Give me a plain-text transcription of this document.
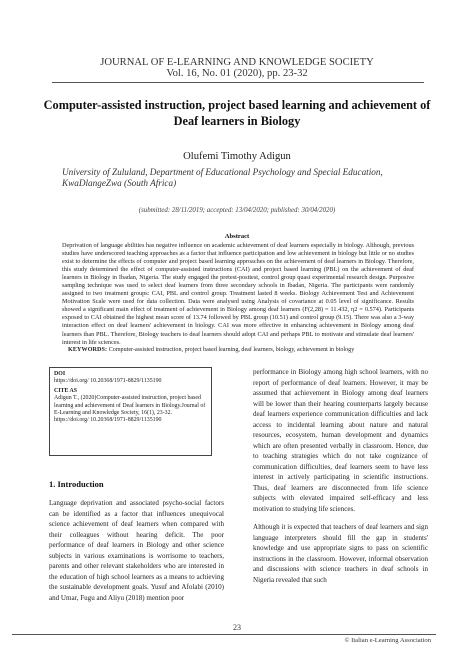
JOURNAL OF E-LEARNING AND KNOWLEDGE SOCIETY
Vol. 16, No. 01 (2020), pp. 23-32
Computer-assisted instruction, project based learning and achievement of Deaf learners in Biology
Olufemi Timothy Adigun
University of Zululand, Department of Educational Psychology and Special Education, KwaDlangeZwa (South Africa)
(submitted: 28/11/2019; accepted: 13/04/2020; published: 30/04/2020)
Abstract
Deprivation of language abilities has negative influence on academic achievement of deaf learners especially in biology. Although, previous studies have underscored teaching approaches as a factor that influence participation and low achievement in biology but little or no studies exist to determine the effects of computer and project based learning approaches on the achievement of deaf learners in Biology. Therefore, this study determined the effect of computer-assisted instructions (CAI) and project based learning (PBL) on the achievement of deaf learners in Biology in Ibadan, Nigeria. The study engaged the pretest-posttest, control group quasi experimental research design. Purposive sampling technique was used to select deaf learners from three secondary schools in Ibadan, Nigeria. The participants were randomly assigned to two treatment groups: CAI, PBL and control group. Treatment lasted 8 weeks. Biology Achievement Test and Achievement Motivation Scale were used for data collection. Data were analysed using Analysis of covariance at 0.05 level of significance. Results showed a significant main effect of treatment of achievement in Biology among deaf learners (F(2,28) = 11.432, η2 = 0.574). Participants exposed to CAI obtained the highest mean score of 13.74 followed by PBL group (10.51) and control group (9.15). There was also a 3-way interaction effect on deaf learners' achievement in biology. CAI was more effective in enhancing achievement in Biology among deaf learners than PBL. Therefore, Biology teachers to deaf learners should adopt CAI and perhaps PBL to motivate and stimulate deaf learners' interest in life sciences.
KEYWORDS: Computer-assisted instruction, project based learning, deaf learners, biology, achievement in biology
DOI
https://doi.org/ 10.20368/1971-8829/1135190
CITE AS
Adigun T., (2020)Computer-assisted instruction, project based learning and achievement of Deaf learners in Biology.Journal of E-Learning and Knowledge Society, 16(1), 23-32. https://doi.org/ 10.20368/1971-8829/1135190
1. Introduction
Language deprivation and associated psycho-social factors can be identified as a factor that influences unequivocal science achievement of deaf learners when compared with their colleagues without hearing deficit. The poor performance of deaf learners in Biology and other science subjects in various examinations is worrisome to teachers, parents and other relevant stakeholders who are interested in the education of high school learners as a means to achieving the sustainable development goals. Yusuf and Afolabi (2010) and Umar, Fugu and Aliyu (2018) mention poor

performance in Biology among high school learners, with no report of performance of deaf learners. However, it may be assumed that achievement in Biology among deaf learners will be lower than their hearing counterparts largely because deaf learners experience communication difficulties and lack access to incidental learning about nature and natural resources, ecosystem, human development and dynamics which are often presented verbally in classroom. Hence, due to teaching strategies which do not take cognizance of communication difficulties, deaf learners seem to have less interest in actively participating in scientific instructions. Thus, deaf learners are disconnected from life science subjects with elevated impaired self-efficacy and less motivation to studying life sciences.

Although it is expected that teachers of deaf learners and sign language interpreters should fill the gap in students' knowledge and use appropriate signs to pass on scientific instructions in the classroom. However, informal observation and discussions with science teachers in deaf schools in Nigeria revealed that such

23
© Italian e-Learning Association
